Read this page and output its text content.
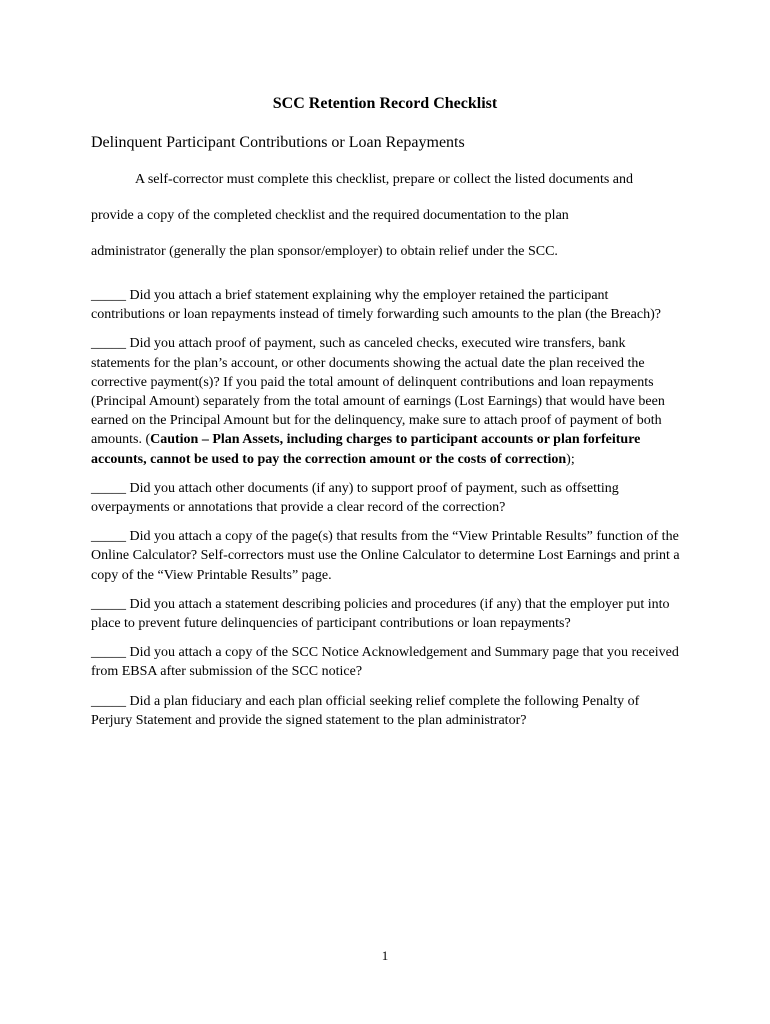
SCC Retention Record Checklist
Delinquent Participant Contributions or Loan Repayments
A self-corrector must complete this checklist, prepare or collect the listed documents and
provide a copy of the completed checklist and the required documentation to the plan
administrator (generally the plan sponsor/employer) to obtain relief under the SCC.

_____ Did you attach a brief statement explaining why the employer retained the participant contributions or loan repayments instead of timely forwarding such amounts to the plan (the Breach)?

_____ Did you attach proof of payment, such as canceled checks, executed wire transfers, bank statements for the plan’s account, or other documents showing the actual date the plan received the corrective payment(s)? If you paid the total amount of delinquent contributions and loan repayments (Principal Amount) separately from the total amount of earnings (Lost Earnings) that would have been earned on the Principal Amount but for the delinquency, make sure to attach proof of payment of both amounts. (Caution – Plan Assets, including charges to participant accounts or plan forfeiture accounts, cannot be used to pay the correction amount or the costs of correction);

_____ Did you attach other documents (if any) to support proof of payment, such as offsetting overpayments or annotations that provide a clear record of the correction?

_____ Did you attach a copy of the page(s) that results from the “View Printable Results” function of the Online Calculator? Self-correctors must use the Online Calculator to determine Lost Earnings and print a copy of the “View Printable Results” page.

_____ Did you attach a statement describing policies and procedures (if any) that the employer put into place to prevent future delinquencies of participant contributions or loan repayments?

_____ Did you attach a copy of the SCC Notice Acknowledgement and Summary page that you received from EBSA after submission of the SCC notice?

_____ Did a plan fiduciary and each plan official seeking relief complete the following Penalty of Perjury Statement and provide the signed statement to the plan administrator?

1
